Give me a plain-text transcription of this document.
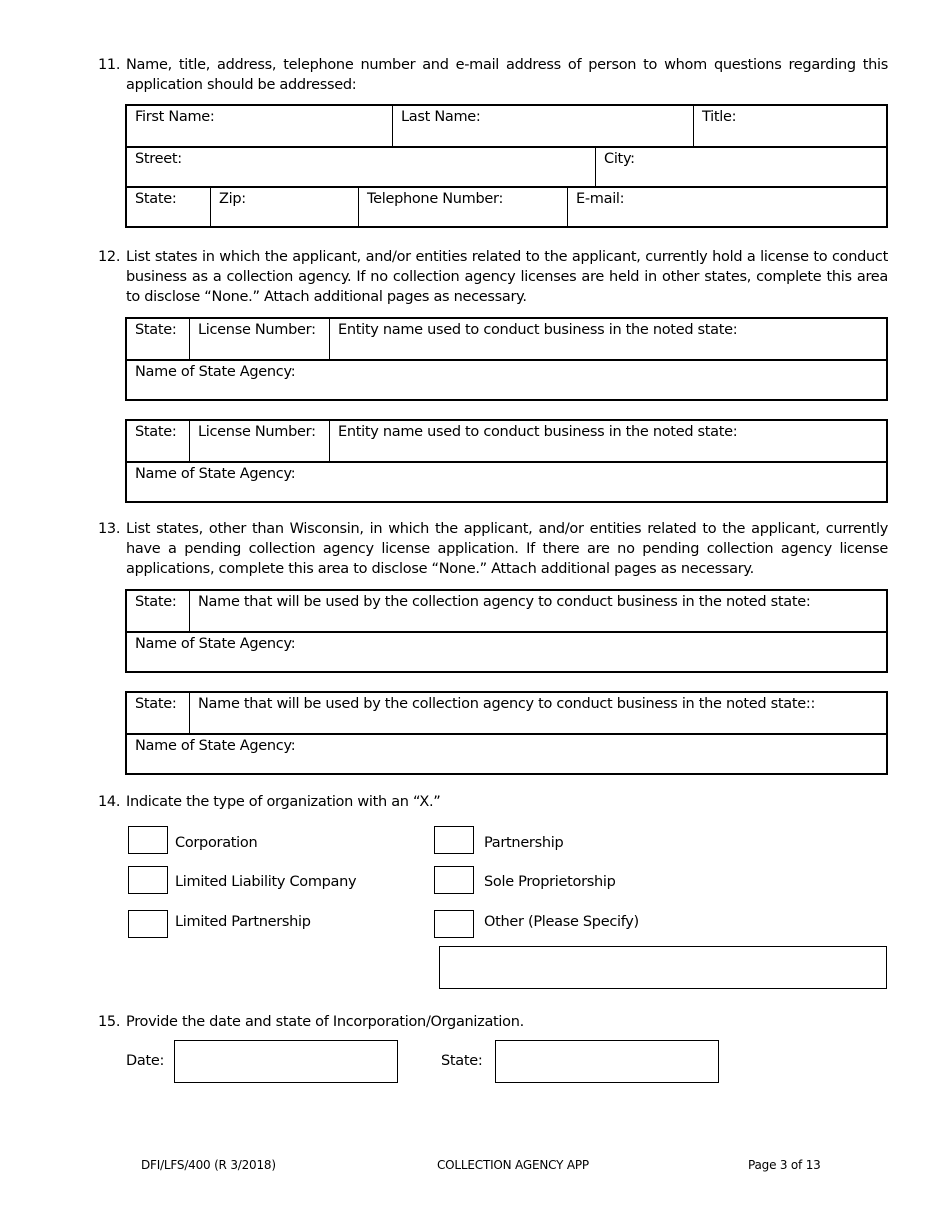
11. Name, title, address, telephone number and e-mail address of person to whom questions regarding this application should be addressed:
First Name:	Last Name:	Title:
Street:	City:
State:	Zip:	Telephone Number:	E-mail:
12. List states in which the applicant, and/or entities related to the applicant, currently hold a license to conduct business as a collection agency. If no collection agency licenses are held in other states, complete this area to disclose “None.” Attach additional pages as necessary.
State:	License Number:	Entity name used to conduct business in the noted state:
Name of State Agency:
State:	License Number:	Entity name used to conduct business in the noted state:
Name of State Agency:
13. List states, other than Wisconsin, in which the applicant, and/or entities related to the applicant, currently have a pending collection agency license application. If there are no pending collection agency license applications, complete this area to disclose “None.” Attach additional pages as necessary.
State:	Name that will be used by the collection agency to conduct business in the noted state:
Name of State Agency:
State:	Name that will be used by the collection agency to conduct business in the noted state::
Name of State Agency:
14. Indicate the type of organization with an “X.”
Corporation
Limited Liability Company
Limited Partnership
Partnership
Sole Proprietorship
Other (Please Specify)
15. Provide the date and state of Incorporation/Organization.
Date:	State:
DFI/LFS/400 (R 3/2018)	COLLECTION AGENCY APP	Page 3 of 13
